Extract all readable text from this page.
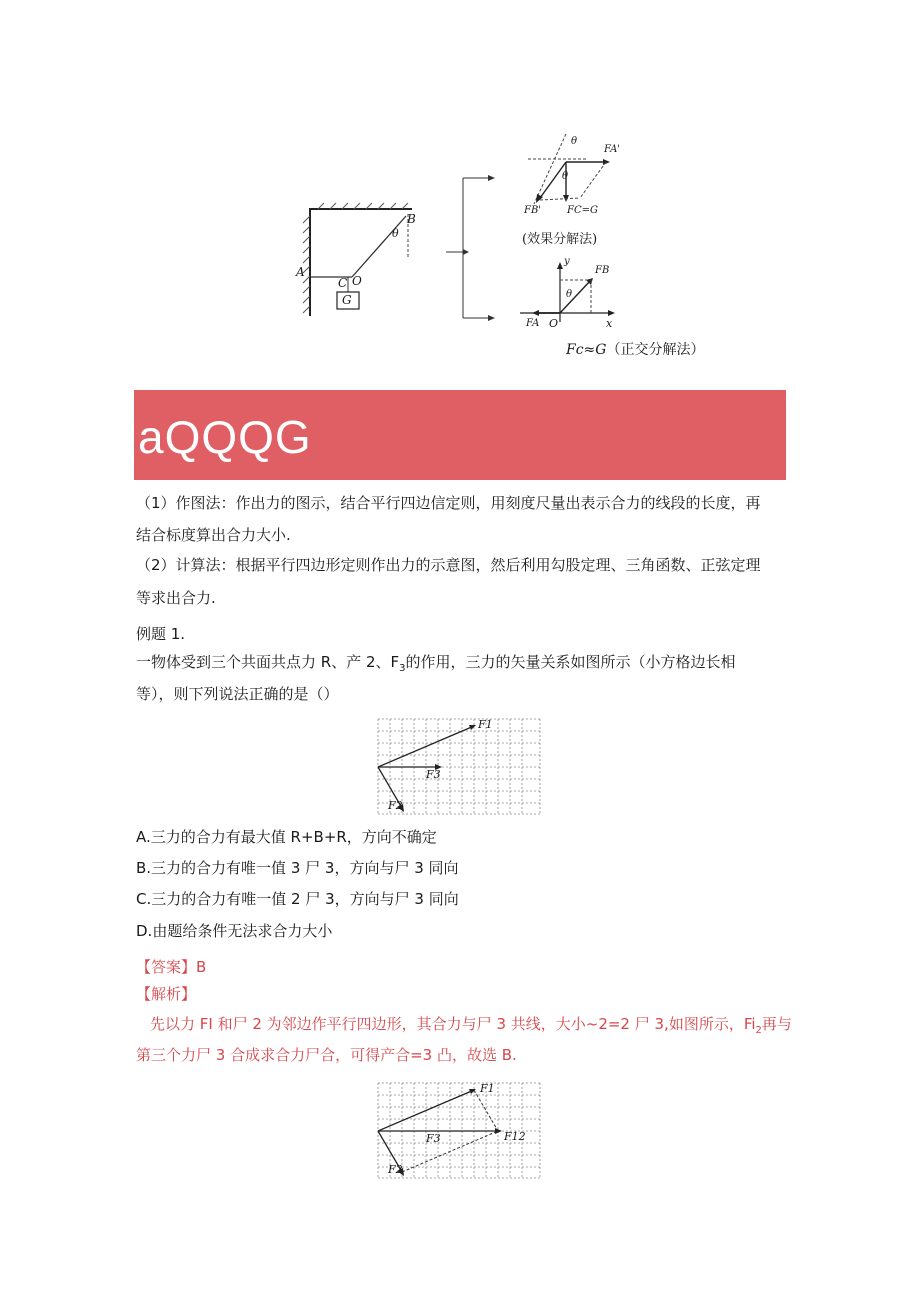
B
θ
A
C O
G
θ
θ
FA'
FB'	FC=G
(效果分解法)
y
FB
θ
FA O	x
Fc≈G（正交分解法）
aQQQG
（1）作图法：作出力的图示，结合平行四边信定则，用刻度尺量出表示合力的线段的长度，再
结合标度算出合力大小.
（2）计算法：根据平行四边形定则作出力的示意图，然后利用勾股定理、三角函数、正弦定理
等求出合力.
例题 1.
一物体受到三个共面共点力 R、产 2、$F_3$的作用，三力的矢量关系如图所示（小方格边长相
等），则下列说法正确的是（）
F1
F3
F2
A.三力的合力有最大值 R+B+R，方向不确定
B.三力的合力有唯一值 3 尸 3，方向与尸 3 同向
C.三力的合力有唯一值 2 尸 3，方向与尸 3 同向
D.由题给条件无法求合力大小
【答案】B
【解析】
先以力 FI 和尸 2 为邻边作平行四边形，其合力与尸 3 共线，大小~2=2 尸 3,如图所示，$Fi_2$再与
第三个力尸 3 合成求合力尸合，可得产合=3 凸，故选 B.
F1
F3	F12
F2
